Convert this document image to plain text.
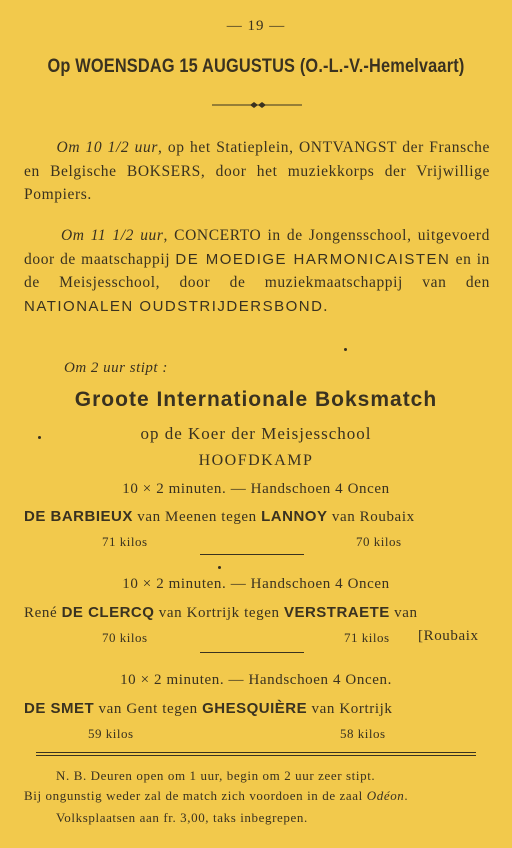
— 19 —
Op WOENSDAG 15 AUGUSTUS (O.-L.-V.-Hemelvaart)
Om 10 1/2 uur, op het Statieplein, ONTVANGST der Fransche en Belgische BOKSERS, door het muziekkorps der Vrijwillige Pompiers.
Om 11 1/2 uur, CONCERTO in de Jongensschool, uitgevoerd door de maatschappij DE MOEDIGE HARMONICAISTEN en in de Meisjesschool, door de muziekmaatschappij van den NATIONALEN OUDSTRIJDERSBOND.
Om 2 uur stipt :
Groote Internationale Boksmatch
op de Koer der Meisjesschool
HOOFDKAMP
10 × 2 minuten. — Handschoen 4 Oncen
DE BARBIEUX van Meenen tegen LANNOY van Roubaix
71 kilos	70 kilos
10 × 2 minuten. — Handschoen 4 Oncen
René DE CLERCQ van Kortrijk tegen VERSTRAETE van
70 kilos	71 kilos [Roubaix
10 × 2 minuten. — Handschoen 4 Oncen.
DE SMET van Gent tegen GHESQUIÈRE van Kortrijk
59 kilos	58 kilos
N. B. Deuren open om 1 uur, begin om 2 uur zeer stipt.
Bij ongunstig weder zal de match zich voordoen in de zaal Odéon.
Volksplaatsen aan fr. 3,00, taks inbegrepen.
